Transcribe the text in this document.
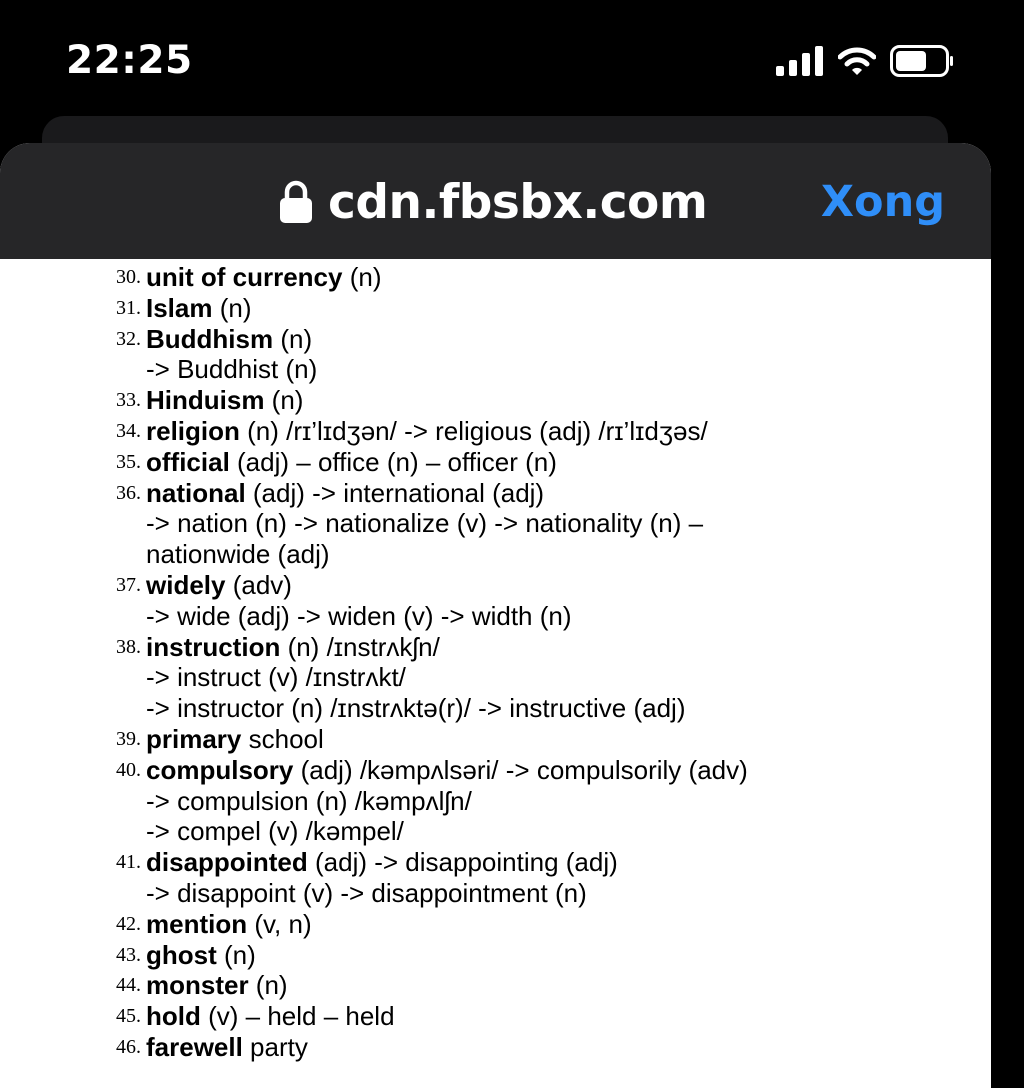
22:25
cdn.fbsbx.com	Xong
30. unit of currency (n)
31. Islam (n)
32. Buddhism (n)
-> Buddhist (n)
33. Hinduism (n)
34. religion (n) /rɪ’lɪdʒən/ -> religious (adj) /rɪ’lɪdʒəs/
35. official (adj) – office (n) – officer (n)
36. national (adj) -> international (adj)
-> nation (n) -> nationalize (v) -> nationality (n) –
nationwide (adj)
37. widely (adv)
-> wide (adj) -> widen (v) -> width (n)
38. instruction (n) /ɪnstrʌkʃn/
-> instruct (v) /ɪnstrʌkt/
-> instructor (n) /ɪnstrʌktə(r)/ -> instructive (adj)
39. primary school
40. compulsory (adj) /kəmpʌlsəri/ -> compulsorily (adv)
-> compulsion (n) /kəmpʌlʃn/
-> compel (v) /kəmpel/
41. disappointed (adj) -> disappointing (adj)
-> disappoint (v) -> disappointment (n)
42. mention (v, n)
43. ghost (n)
44. monster (n)
45. hold (v) – held – held
46. farewell party
